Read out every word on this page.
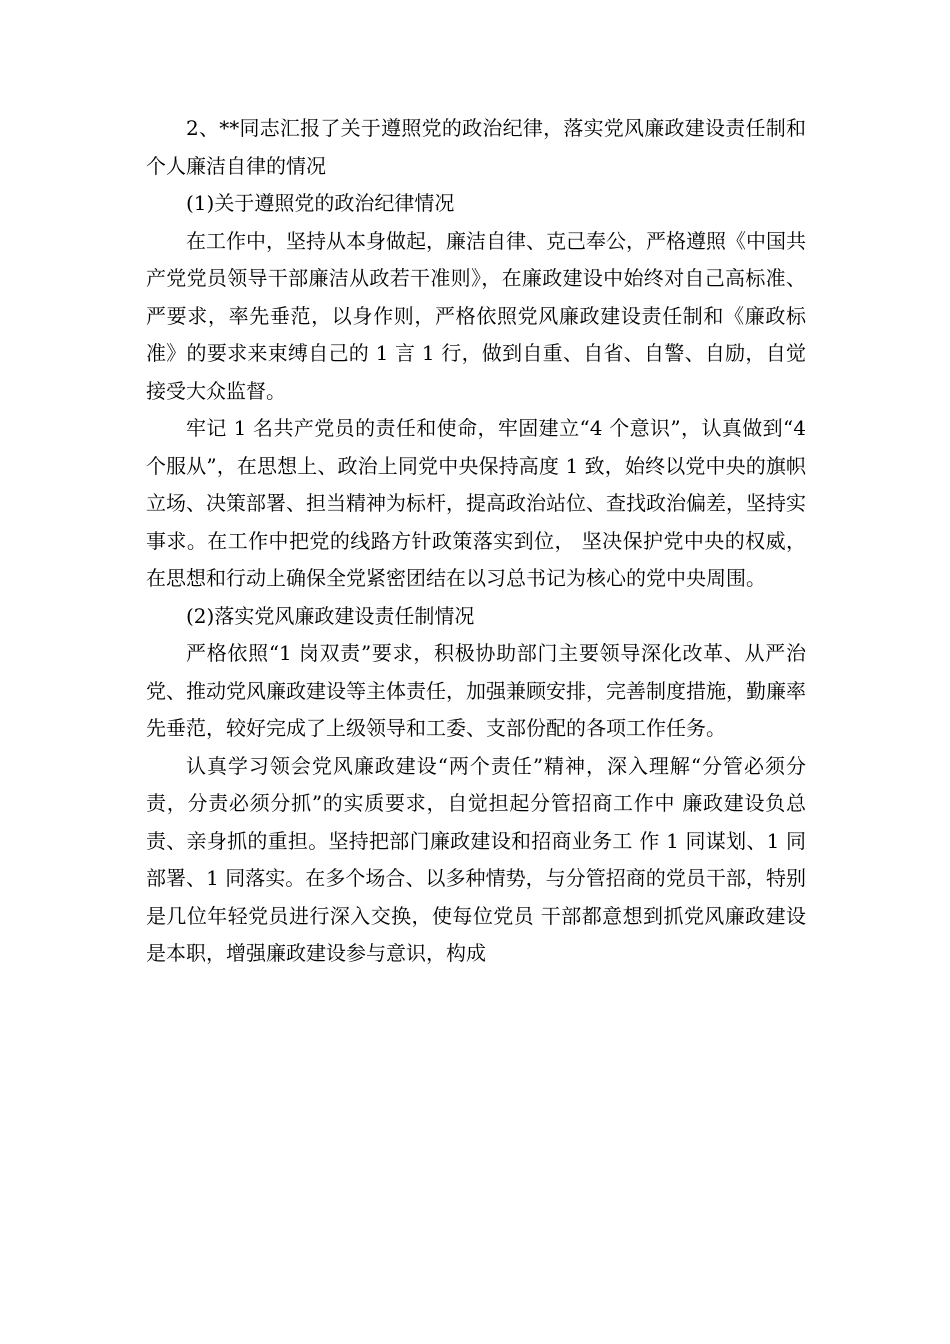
2、**同志汇报了关于遵照党的政治纪律，落实党风廉政建设责任制和个人廉洁自律的情况

(1)关于遵照党的政治纪律情况

在工作中，坚持从本身做起，廉洁自律、克己奉公，严格遵照《中国共产党党员领导干部廉洁从政若干准则》，在廉政建设中始终对自己高标准、严要求，率先垂范，以身作则，严格依照党风廉政建设责任制和《廉政标准》的要求来束缚自己的 1 言 1 行，做到自重、自省、自警、自励，自觉接受大众监督。

牢记 1 名共产党员的责任和使命，牢固建立“4 个意识”，认真做到“4 个服从”，在思想上、政治上同党中央保持高度 1 致，始终以党中央的旗帜立场、决策部署、担当精神为标杆，提高政治站位、查找政治偏差，坚持实事求。在工作中把党的线路方针政策落实到位， 坚决保护党中央的权威，在思想和行动上确保全党紧密团结在以习总书记为核心的党中央周围。

(2)落实党风廉政建设责任制情况

严格依照“1 岗双责”要求，积极协助部门主要领导深化改革、从严治党、推动党风廉政建设等主体责任，加强兼顾安排，完善制度措施，勤廉率先垂范，较好完成了上级领导和工委、支部份配的各项工作任务。

认真学习领会党风廉政建设“两个责任”精神，深入理解“分管必须分责，分责必须分抓”的实质要求，自觉担起分管招商工作中 廉政建设负总责、亲身抓的重担。坚持把部门廉政建设和招商业务工 作 1 同谋划、1 同部署、1 同落实。在多个场合、以多种情势，与分管招商的党员干部，特别是几位年轻党员进行深入交换，使每位党员 干部都意想到抓党风廉政建设是本职，增强廉政建设参与意识，构成
